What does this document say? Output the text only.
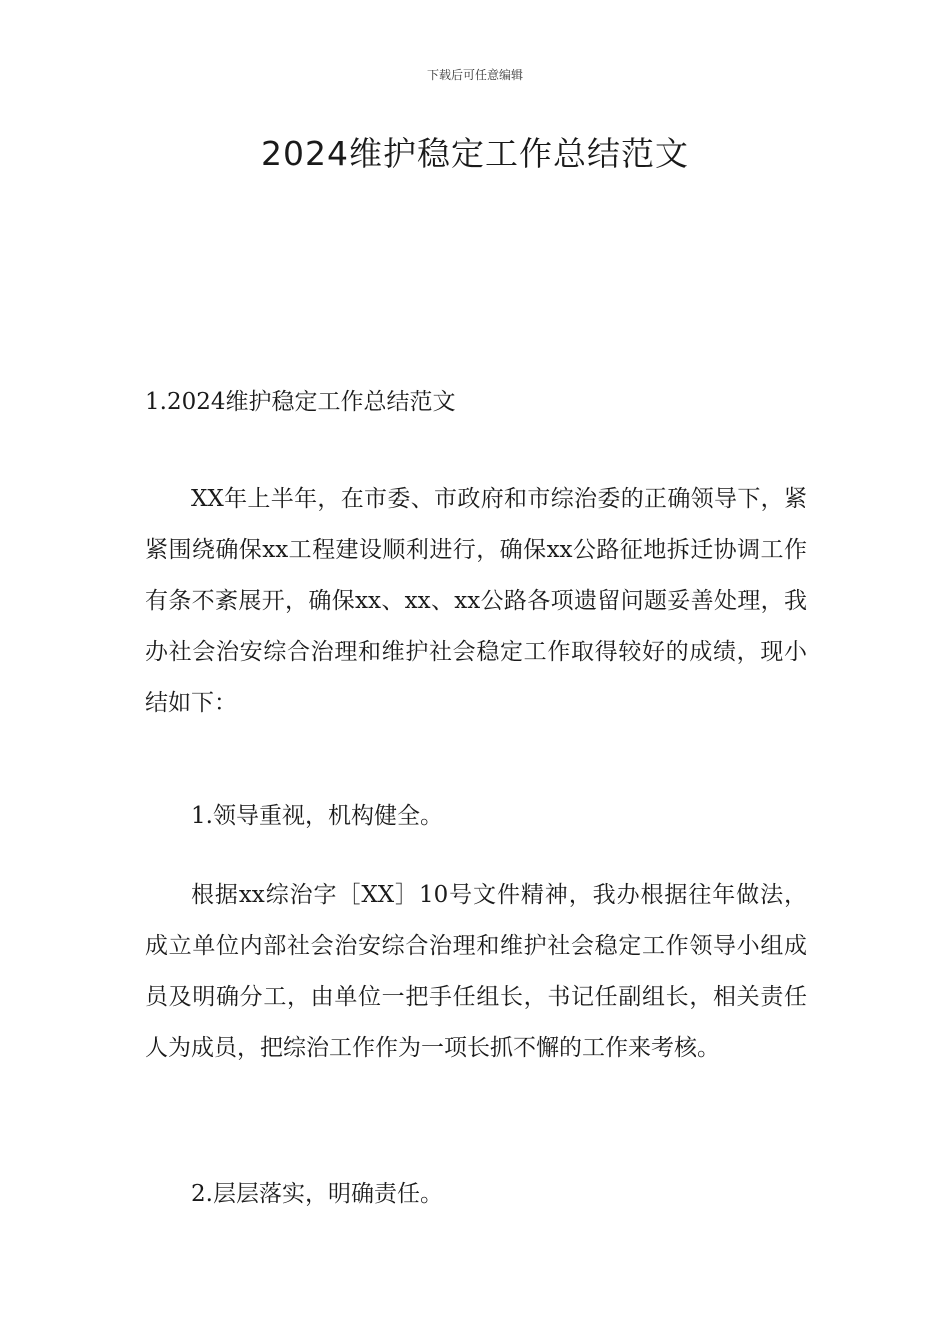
下载后可任意编辑
2024维护稳定工作总结范文

1.2024维护稳定工作总结范文

XX年上半年，在市委、市政府和市综治委的正确领导下，紧紧围绕确保xx工程建设顺利进行，确保xx公路征地拆迁协调工作有条不紊展开，确保xx、xx、xx公路各项遗留问题妥善处理，我办社会治安综合治理和维护社会稳定工作取得较好的成绩，现小结如下：

1.领导重视，机构健全。

根据xx综治字［XX］10号文件精神，我办根据往年做法，成立单位内部社会治安综合治理和维护社会稳定工作领导小组成员及明确分工，由单位一把手任组长，书记任副组长，相关责任人为成员，把综治工作作为一项长抓不懈的工作来考核。

2.层层落实，明确责任。
